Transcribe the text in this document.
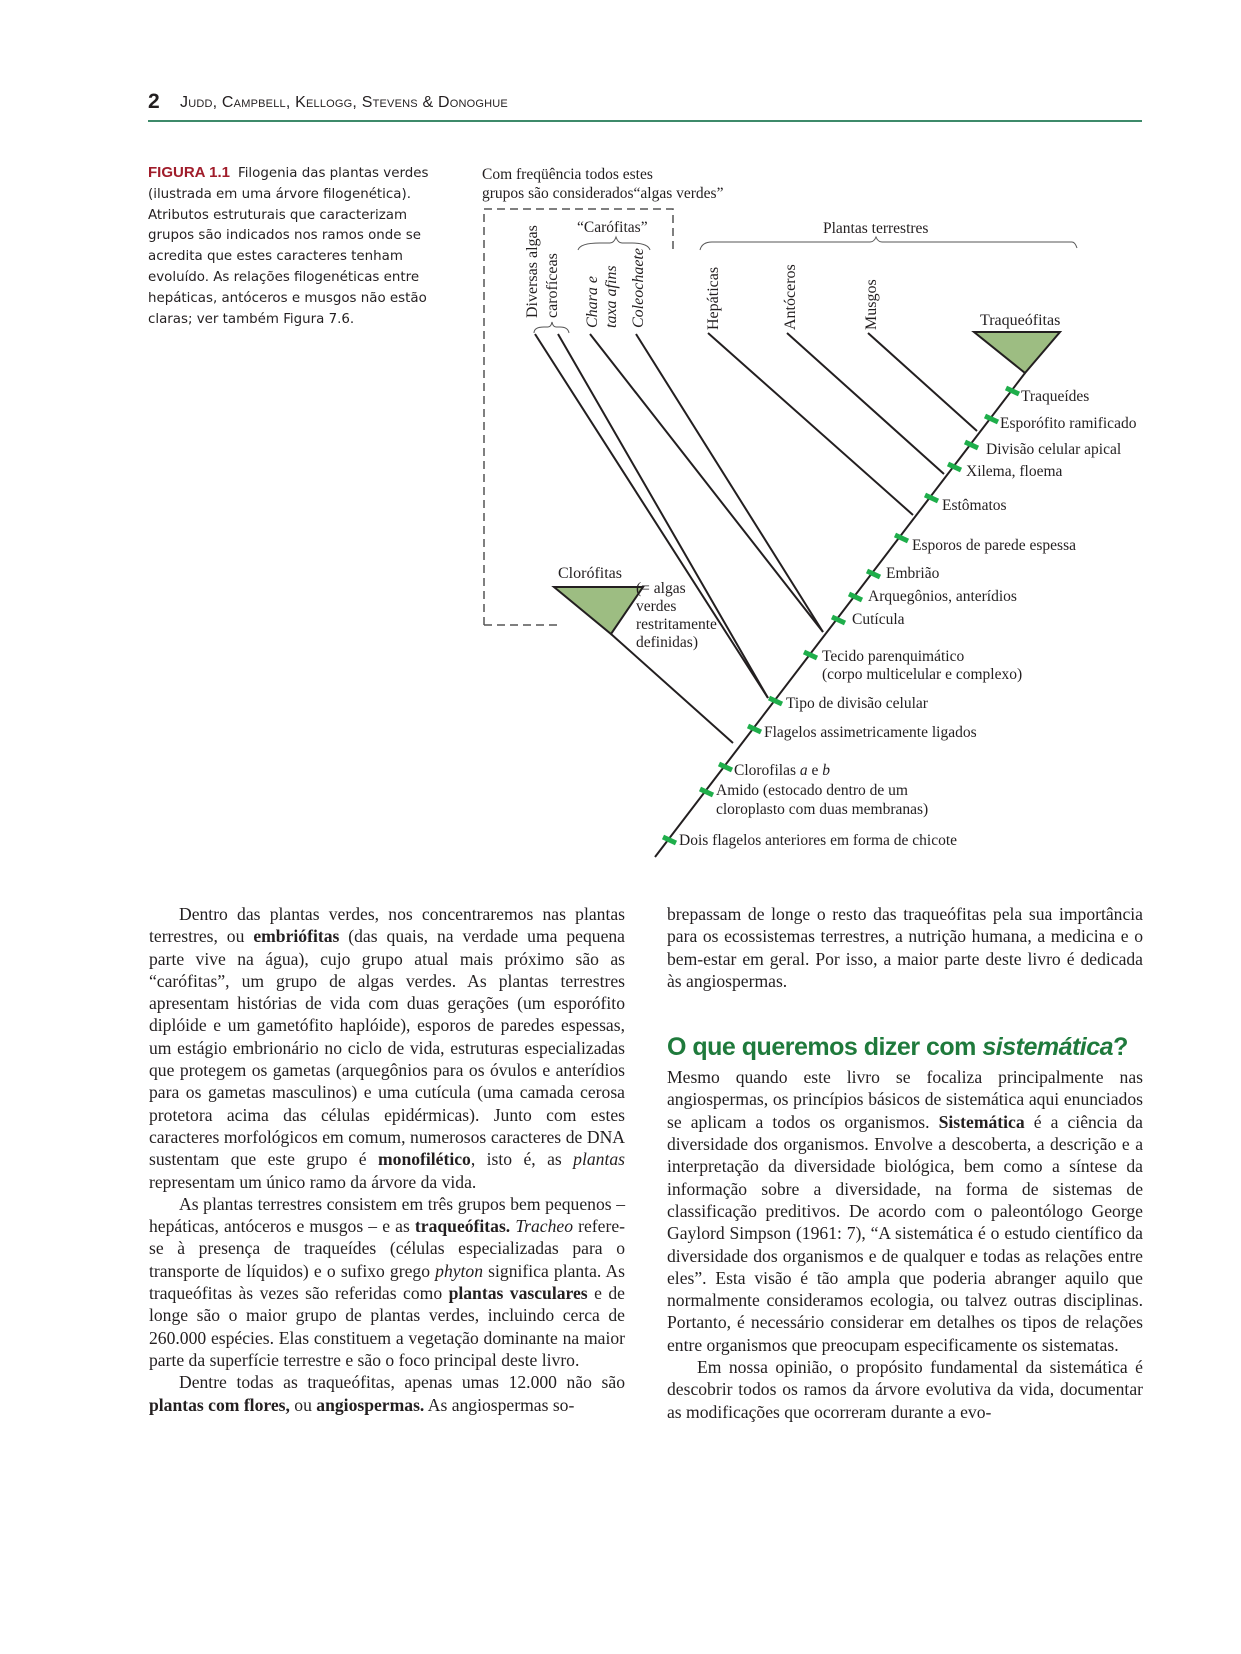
2 Judd, Campbell, Kellogg, Stevens & Donoghue
FIGURA 1.1 Filogenia das plantas verdes (ilustrada em uma árvore filogenética). Atributos estruturais que caracterizam grupos são indicados nos ramos onde se acredita que estes caracteres tenham evoluído. As relações filogenéticas entre hepáticas, antóceros e musgos não estão claras; ver também Figura 7.6.
Com freqüência todos estes
grupos são considerados“algas verdes”
“Carófitas”	Plantas terrestres
Diversas algas carofíceas Chara e taxa afins Coleochaete	Hepáticas	Antóceros	Musgos	Traqueófitas
Clorófitas
(= algas
verdes
restritamente
definidas)
Traqueídes
Esporófito ramificado
Divisão celular apical
Xilema, floema
Estômatos
Esporos de parede espessa
Embrião
Arquegônios, anterídios
Cutícula
Tecido parenquimático
(corpo multicelular e complexo)
Tipo de divisão celular
Flagelos assimetricamente ligados
Clorofilas a e b
Amido (estocado dentro de um
cloroplasto com duas membranas)
Dois flagelos anteriores em forma de chicote

Dentro das plantas verdes, nos concentraremos nas plantas terrestres, ou embriófitas (das quais, na verdade uma pequena parte vive na água), cujo grupo atual mais próximo são as “carófitas”, um grupo de algas verdes. As plantas terrestres apresentam histórias de vida com duas gerações (um esporófito diplóide e um gametófito haplóide), esporos de paredes espessas, um estágio embrionário no ciclo de vida, estruturas especializadas que protegem os gametas (arquegônios para os óvulos e anterídios para os gametas masculinos) e uma cutícula (uma camada cerosa protetora acima das células epidérmicas). Junto com estes caracteres morfológicos em comum, numerosos caracteres de DNA sustentam que este grupo é monofilético, isto é, as plantas representam um único ramo da árvore da vida.

As plantas terrestres consistem em três grupos bem pequenos – hepáticas, antóceros e musgos – e as traqueófitas. Tracheo refere-se à presença de traqueídes (células especializadas para o transporte de líquidos) e o sufixo grego phyton significa planta. As traqueófitas às vezes são referidas como plantas vasculares e de longe são o maior grupo de plantas verdes, incluindo cerca de 260.000 espécies. Elas constituem a vegetação dominante na maior parte da superfície terrestre e são o foco principal deste livro.

Dentre todas as traqueófitas, apenas umas 12.000 não são plantas com flores, ou angiospermas. As angiospermas so-

brepassam de longe o resto das traqueófitas pela sua importância para os ecossistemas terrestres, a nutrição humana, a medicina e o bem-estar em geral. Por isso, a maior parte deste livro é dedicada às angiospermas.

O que queremos dizer com sistemática?

Mesmo quando este livro se focaliza principalmente nas angiospermas, os princípios básicos de sistemática aqui enunciados se aplicam a todos os organismos. Sistemática é a ciência da diversidade dos organismos. Envolve a descoberta, a descrição e a interpretação da diversidade biológica, bem como a síntese da informação sobre a diversidade, na forma de sistemas de classificação preditivos. De acordo com o paleontólogo George Gaylord Simpson (1961: 7), “A sistemática é o estudo científico da diversidade dos organismos e de qualquer e todas as relações entre eles”. Esta visão é tão ampla que poderia abranger aquilo que normalmente consideramos ecologia, ou talvez outras disciplinas. Portanto, é necessário considerar em detalhes os tipos de relações entre organismos que preocupam especificamente os sistematas.

Em nossa opinião, o propósito fundamental da sistemática é descobrir todos os ramos da árvore evolutiva da vida, documentar as modificações que ocorreram durante a evo-
